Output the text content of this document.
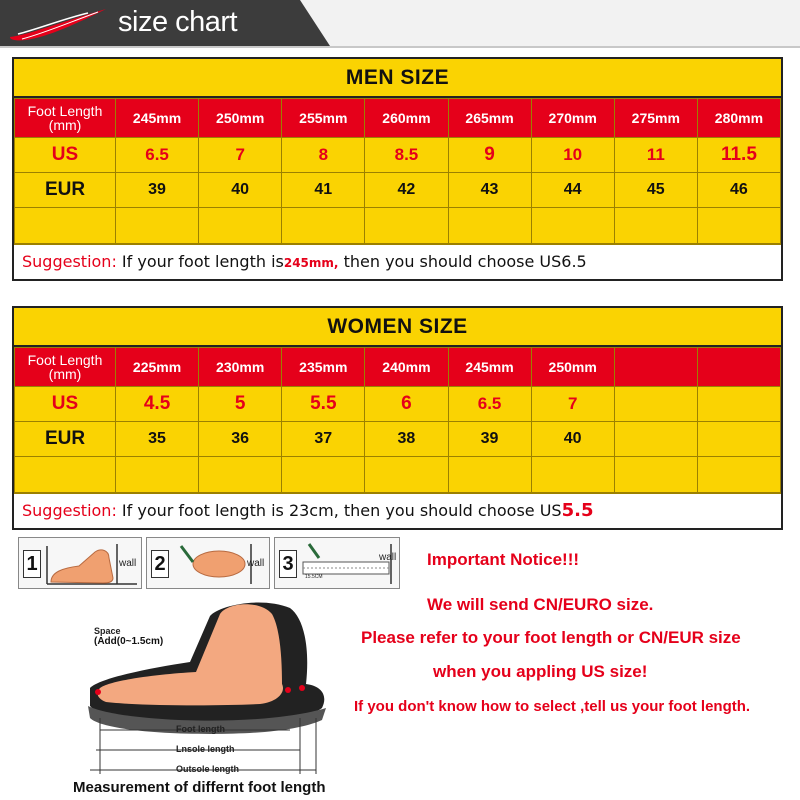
size chart
MEN SIZE
Foot Length
(mm)	245mm	250mm	255mm	260mm	265mm	270mm	275mm	280mm
US	6.5	7	8	8.5	9	10	11	11.5
EUR	39	40	41	42	43	44	45	46

Suggestion: If your foot length is245mm, then you should choose US6.5
WOMEN SIZE
Foot Length
(mm)	225mm	230mm	235mm	240mm	245mm	250mm		
US	4.5	5	5.5	6	6.5	7		
EUR	35	36	37	38	39	40		

Suggestion: If your foot length is 23cm, then you should choose US5.5
1	wall 2	wall 3	wall
15.5CM
Space
(Add(0~1.5cm)
Foot length
Lnsole length
Outsole length
Measurement of differnt foot length
Important Notice!!!
We will send CN/EURO size.
Please refer to your foot length or CN/EUR size
when you appling US size!
If you don't know how to select ,tell us your foot length.
